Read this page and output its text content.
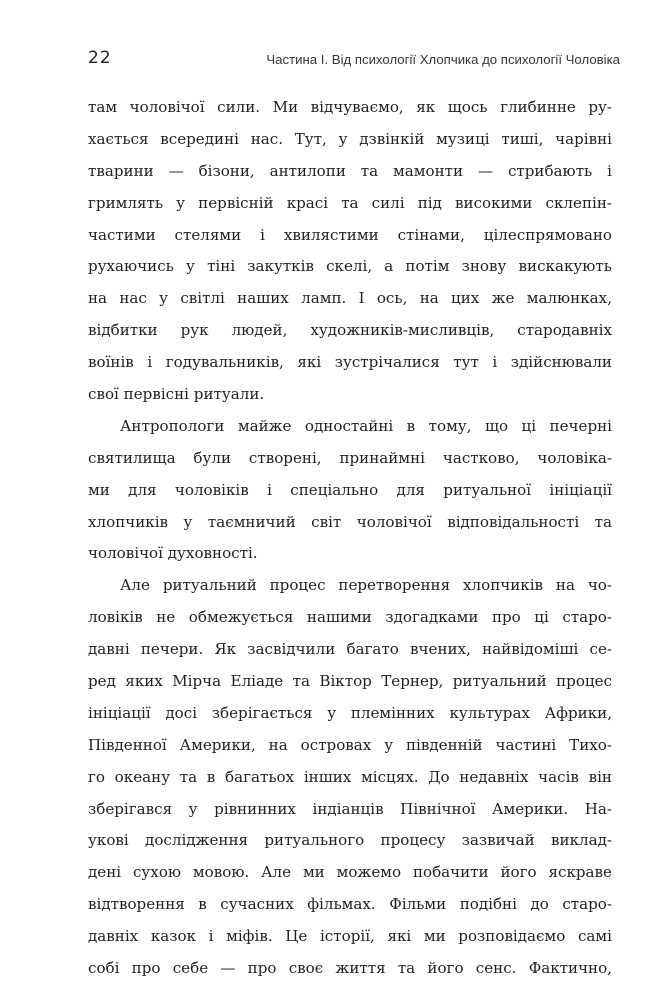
22	Частина І. Від психології Хлопчика до психології Чоловіка
там чоловічої сили. Ми відчуваємо, як щось глибинне ру-
хається всередині нас. Тут, у дзвінкій музиці тиші, чарівні
тварини — бізони, антилопи та мамонти — стрибають і
гримлять у первісній красі та силі під високими склепін-
частими стелями і хвилястими стінами, цілеспрямовано
рухаючись у тіні закутків скелі, а потім знову вискакують
на нас у світлі наших ламп. І ось, на цих же малюнках,
відбитки рук людей, художників-мисливців, стародавніх
воїнів і годувальників, які зустрічалися тут і здійснювали
свої первісні ритуали.
Антропологи майже одностайні в тому, що ці печерні
святилища були створені, принаймні частково, чоловіка-
ми для чоловіків і спеціально для ритуальної ініціації
хлопчиків у таємничий світ чоловічої відповідальності та
чоловічої духовності.
Але ритуальний процес перетворення хлопчиків на чо-
ловіків не обмежується нашими здогадками про ці старо-
давні печери. Як засвідчили багато вчених, найвідоміші се-
ред яких Мірча Еліаде та Віктор Тернер, ритуальний процес
ініціації досі зберігається у племінних культурах Африки,
Південної Америки, на островах у південній частині Тихо-
го океану та в багатьох інших місцях. До недавніх часів він
зберігався у рівнинних індіанців Північної Америки. На-
укові дослідження ритуального процесу зазвичай виклад-
дені сухою мовою. Але ми можемо побачити його яскраве
відтворення в сучасних фільмах. Фільми подібні до старо-
давніх казок і міфів. Це історії, які ми розповідаємо самі
собі про себе — про своє життя та його сенс. Фактично,
